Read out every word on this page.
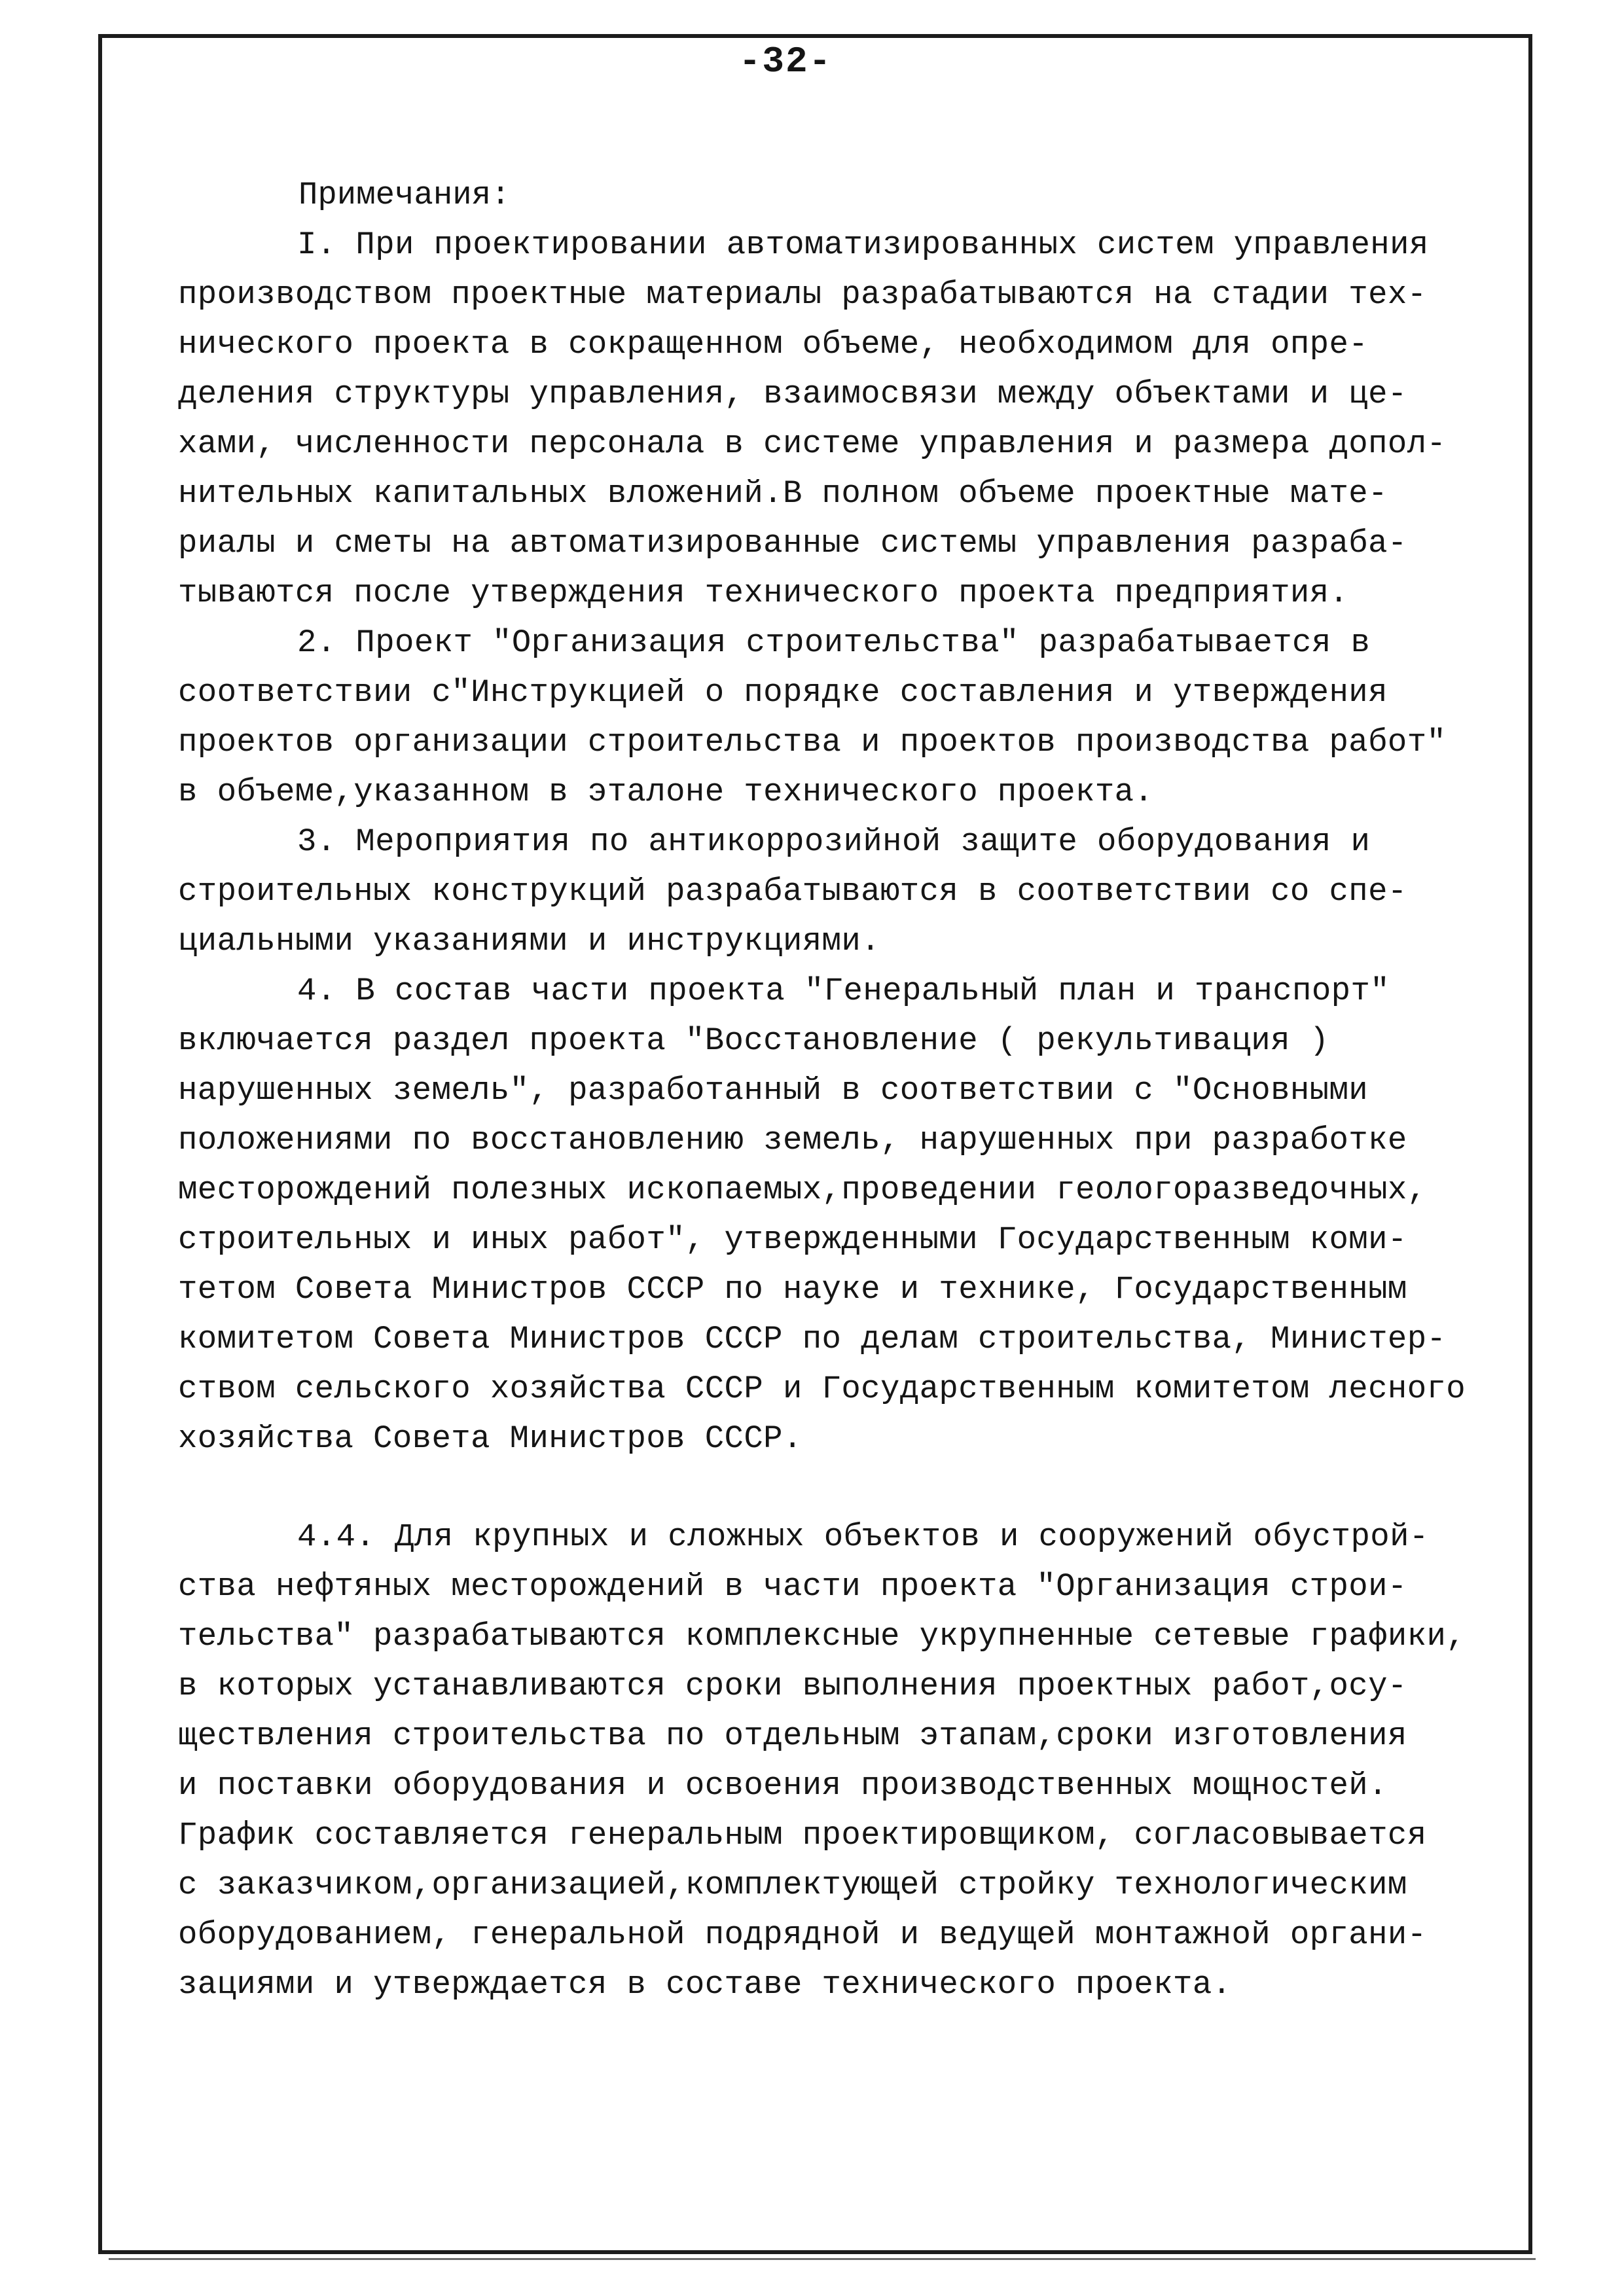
-32-
Примечания:
I. При проектировании автоматизированных систем управления
производством проектные материалы разрабатываются на стадии тех-
нического проекта в сокращенном объеме, необходимом для опре-
деления структуры управления, взаимосвязи между объектами и це-
хами, численности персонала в системе управления и размера допол-
нительных капитальных вложений.В полном объеме проектные мате-
риалы и сметы на автоматизированные системы управления разраба-
тываются после утверждения технического проекта предприятия.
2. Проект "Организация строительства" разрабатывается в
соответствии с"Инструкцией о порядке составления и утверждения
проектов организации строительства и проектов производства работ"
в объеме,указанном в эталоне технического проекта.
3. Мероприятия по антикоррозийной защите оборудования и
строительных конструкций разрабатываются в соответствии со спе-
циальными указаниями и инструкциями.
4. В состав части проекта "Генеральный план и транспорт"
включается раздел проекта "Восстановление ( рекультивация )
нарушенных земель", разработанный в соответствии с "Основными
положениями по восстановлению земель, нарушенных при разработке
месторождений полезных ископаемых,проведении геологоразведочных,
строительных и иных работ", утвержденными Государственным коми-
тетом Совета Министров СССР по науке и технике, Государственным
комитетом Совета Министров СССР по делам строительства, Министер-
ством сельского хозяйства СССР и Государственным комитетом лесного
хозяйства Совета Министров СССР.
4.4. Для крупных и сложных объектов и сооружений обустрой-
ства нефтяных месторождений в части проекта "Организация строи-
тельства" разрабатываются комплексные укрупненные сетевые графики,
в которых устанавливаются сроки выполнения проектных работ,осу-
ществления строительства по отдельным этапам,сроки изготовления
и поставки оборудования и освоения производственных мощностей.
График составляется генеральным проектировщиком, согласовывается
с заказчиком,организацией,комплектующей стройку технологическим
оборудованием, генеральной подрядной и ведущей монтажной органи-
зациями и утверждается в составе технического проекта.
